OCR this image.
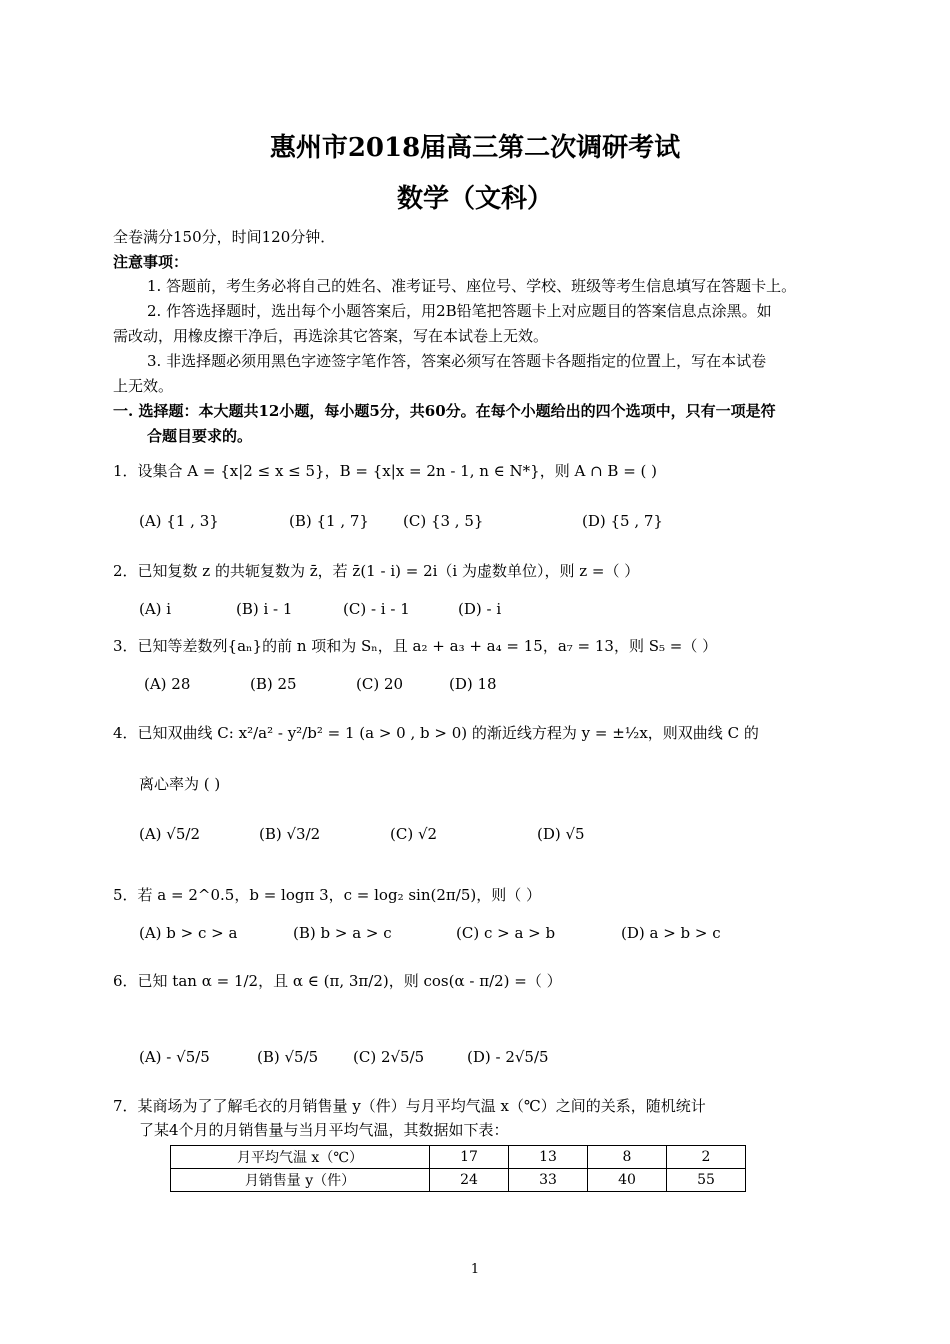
惠州市2018届高三第二次调研考试
数学（文科）
全卷满分150分，时间120分钟．
注意事项：
1. 答题前，考生务必将自己的姓名、准考证号、座位号、学校、班级等考生信息填写在答题卡上。
2. 作答选择题时，选出每个小题答案后，用2B铅笔把答题卡上对应题目的答案信息点涂黑。如
需改动，用橡皮擦干净后，再选涂其它答案，写在本试卷上无效。
3. 非选择题必须用黑色字迹签字笔作答，答案必须写在答题卡各题指定的位置上，写在本试卷
上无效。
一. 选择题：本大题共12小题，每小题5分，共60分。在每个小题给出的四个选项中，只有一项是符
合题目要求的。
1．设集合 A = {x|2 ≤ x ≤ 5}，B = {x|x = 2n - 1, n ∈ N*}，则 A ∩ B = ( )
(A) {1 , 3}	(B) {1 , 7} (C) {3 , 5}	(D) {5 , 7}
2．已知复数 z 的共轭复数为 z̄，若 z̄(1 - i) = 2i（i 为虚数单位），则 z =（ ）
(A) i	(B) i - 1	(C) - i - 1	(D) - i
3．已知等差数列{aₙ}的前 n 项和为 Sₙ，且 a₂ + a₃ + a₄ = 15，a₇ = 13，则 S₅ =（ ）
(A) 28	(B) 25	(C) 20	(D) 18
4．已知双曲线 C: x²/a² - y²/b² = 1 (a > 0 , b > 0) 的渐近线方程为 y = ±½x，则双曲线 C 的
离心率为 ( )
(A) √5/2	(B) √3/2	(C) √2	(D) √5
5．若 a = 2^0.5，b = logπ 3，c = log₂ sin(2π/5)，则（ ）
(A) b > c > a	(B) b > a > c	(C) c > a > b	(D) a > b > c
6．已知 tan α = 1/2，且 α ∈ (π, 3π/2)，则 cos(α - π/2) =（ ）
(A) - √5/5	(B) √5/5 (C) 2√5/5	(D) - 2√5/5
7．某商场为了了解毛衣的月销售量 y（件）与月平均气温 x（℃）之间的关系，随机统计
了某4个月的月销售量与当月平均气温，其数据如下表：
月平均气温 x（℃）	17	13	8	2
月销售量 y（件）	24	33	40	55
1
